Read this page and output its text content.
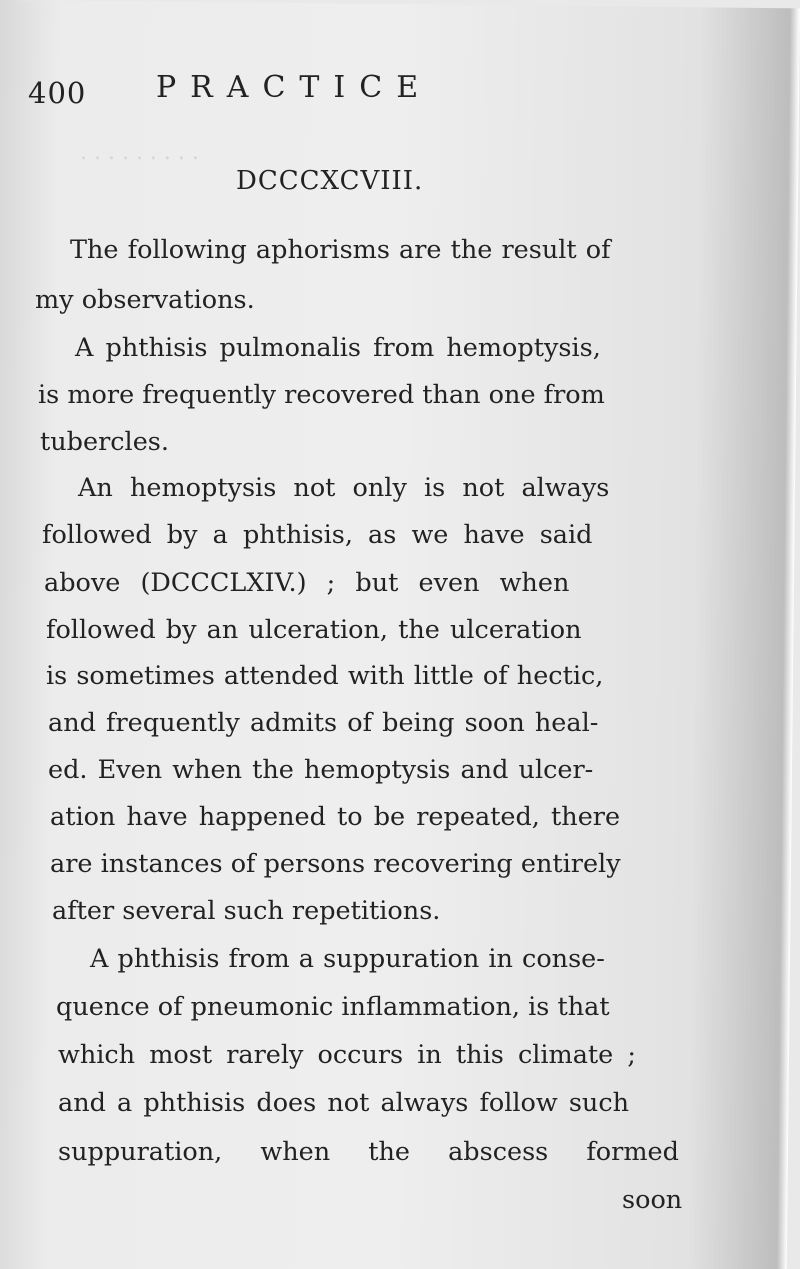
. . . . . . . . .
400 PRACTICE
DCCCXCVIII.
The following aphorisms are the result of
my observations.
A phthisis pulmonalis from hemoptysis,
is more frequently recovered than one from
tubercles.
An hemoptysis not only is not always
followed by a phthisis, as we have said
above (DCCCLXIV.) ; but even when
followed by an ulceration, the ulceration
is sometimes attended with little of hectic,
and frequently admits of being soon heal-
ed. Even when the hemoptysis and ulcer-
ation have happened to be repeated, there
are instances of persons recovering entirely
after several such repetitions.
A phthisis from a suppuration in conse-
quence of pneumonic inflammation, is that
which most rarely occurs in this climate ;
and a phthisis does not always follow such
suppuration, when the abscess formed
soon
